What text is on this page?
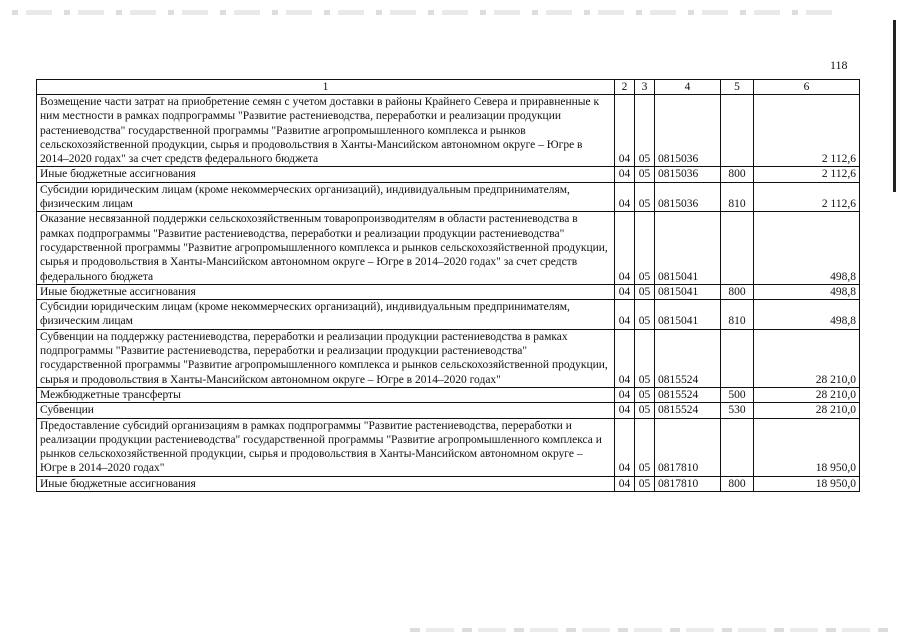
118
1	2	3	4	5	6
Возмещение части затрат на приобретение семян с учетом доставки в районы Крайнего Севера и приравненные к ним местности в рамках подпрограммы "Развитие растениеводства, переработки и реализации продукции растениеводства" государственной программы "Развитие агропромышленного комплекса и рынков сельскохозяйственной продукции, сырья и продовольствия в Ханты-Мансийском автономном округе – Югре в 2014–2020 годах" за счет средств федерального бюджета	04	05	0815036		2 112,6
Иные бюджетные ассигнования	04	05	0815036	800	2 112,6
Субсидии юридическим лицам (кроме некоммерческих организаций), индивидуальным предпринимателям, физическим лицам	04	05	0815036	810	2 112,6
Оказание несвязанной поддержки сельскохозяйственным товаропроизводителям в области растениеводства в рамках подпрограммы "Развитие растениеводства, переработки и реализации продукции растениеводства" государственной программы "Развитие агропромышленного комплекса и рынков сельскохозяйственной продукции, сырья и продовольствия в Ханты-Мансийском автономном округе – Югре в 2014–2020 годах" за счет средств федерального бюджета	04	05	0815041		498,8
Иные бюджетные ассигнования	04	05	0815041	800	498,8
Субсидии юридическим лицам (кроме некоммерческих организаций), индивидуальным предпринимателям, физическим лицам	04	05	0815041	810	498,8
Субвенции на поддержку растениеводства, переработки и реализации продукции растениеводства в рамках подпрограммы "Развитие растениеводства, переработки и реализации продукции растениеводства" государственной программы "Развитие агропромышленного комплекса и рынков сельскохозяйственной продукции, сырья и продовольствия в Ханты-Мансийском автономном округе – Югре в 2014–2020 годах"	04	05	0815524		28 210,0
Межбюджетные трансферты	04	05	0815524	500	28 210,0
Субвенции	04	05	0815524	530	28 210,0
Предоставление субсидий организациям в рамках подпрограммы "Развитие растениеводства, переработки и реализации продукции растениеводства" государственной программы "Развитие агропромышленного комплекса и рынков сельскохозяйственной продукции, сырья и продовольствия в Ханты-Мансийском автономном округе – Югре в 2014–2020 годах"	04	05	0817810		18 950,0
Иные бюджетные ассигнования	04	05	0817810	800	18 950,0
